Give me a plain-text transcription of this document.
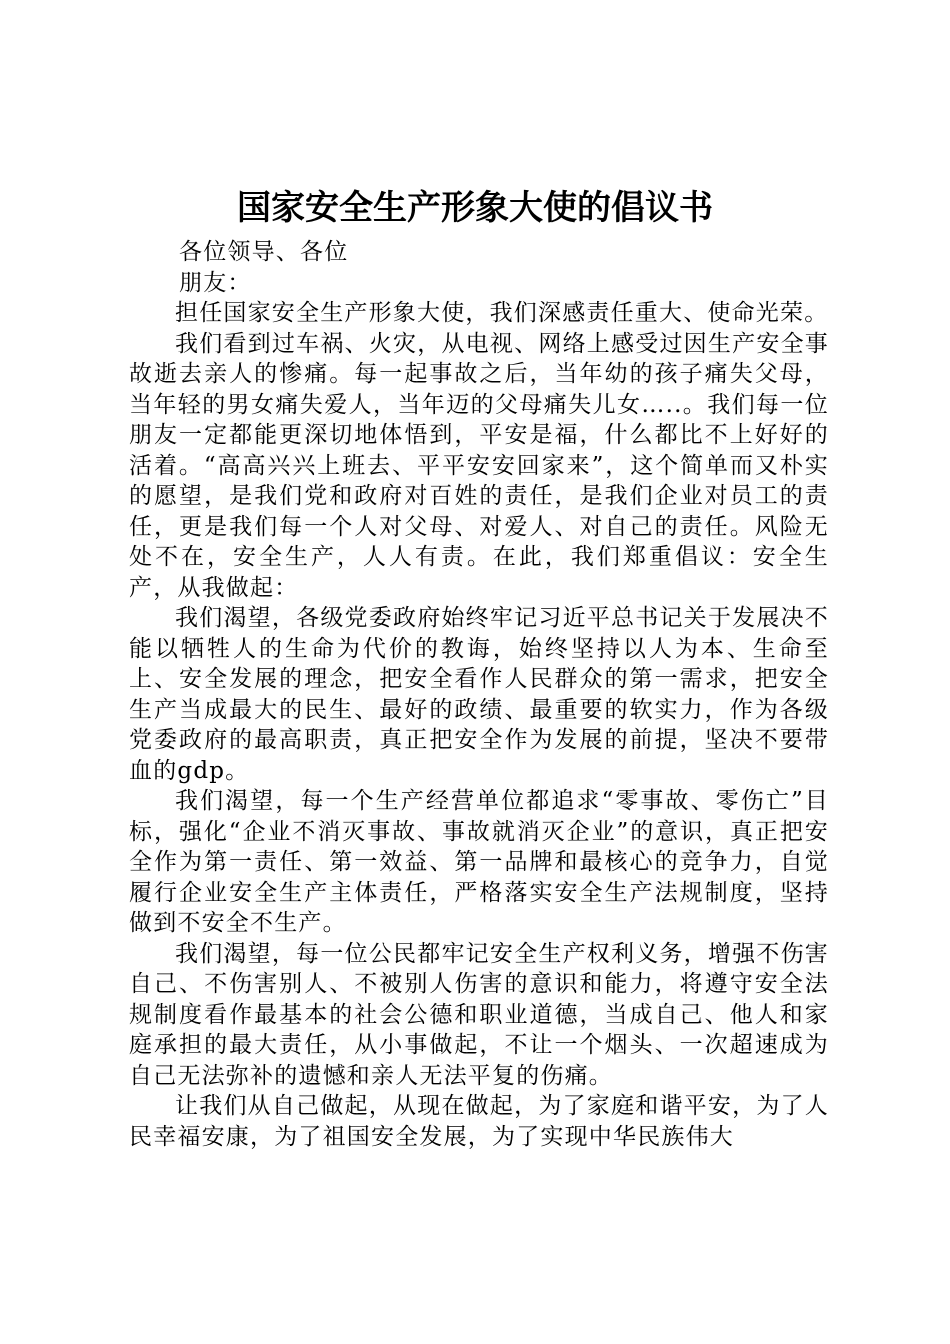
国家安全生产形象大使的倡议书

各位领导、各位

朋友：

担任国家安全生产形象大使，我们深感责任重大、使命光荣。

我们看到过车祸、火灾，从电视、网络上感受过因生产安全事故逝去亲人的惨痛。每一起事故之后，当年幼的孩子痛失父母，当年轻的男女痛失爱人，当年迈的父母痛失儿女…..。我们每一位朋友一定都能更深切地体悟到，平安是福，什么都比不上好好的活着。“高高兴兴上班去、平平安安回家来”，这个简单而又朴实的愿望，是我们党和政府对百姓的责任，是我们企业对员工的责任，更是我们每一个人对父母、对爱人、对自己的责任。风险无处不在，安全生产，人人有责。在此，我们郑重倡议：安全生产，从我做起：

我们渴望，各级党委政府始终牢记习近平总书记关于发展决不能以牺牲人的生命为代价的教诲，始终坚持以人为本、生命至上、安全发展的理念，把安全看作人民群众的第一需求，把安全生产当成最大的民生、最好的政绩、最重要的软实力，作为各级党委政府的最高职责，真正把安全作为发展的前提，坚决不要带血的gdp。

我们渴望，每一个生产经营单位都追求“零事故、零伤亡”目标，强化“企业不消灭事故、事故就消灭企业”的意识，真正把安全作为第一责任、第一效益、第一品牌和最核心的竞争力，自觉履行企业安全生产主体责任，严格落实安全生产法规制度，坚持做到不安全不生产。

我们渴望，每一位公民都牢记安全生产权利义务，增强不伤害自己、不伤害别人、不被别人伤害的意识和能力，将遵守安全法规制度看作最基本的社会公德和职业道德，当成自己、他人和家庭承担的最大责任，从小事做起，不让一个烟头、一次超速成为自己无法弥补的遗憾和亲人无法平复的伤痛。

让我们从自己做起，从现在做起，为了家庭和谐平安，为了人民幸福安康，为了祖国安全发展，为了实现中华民族伟大
